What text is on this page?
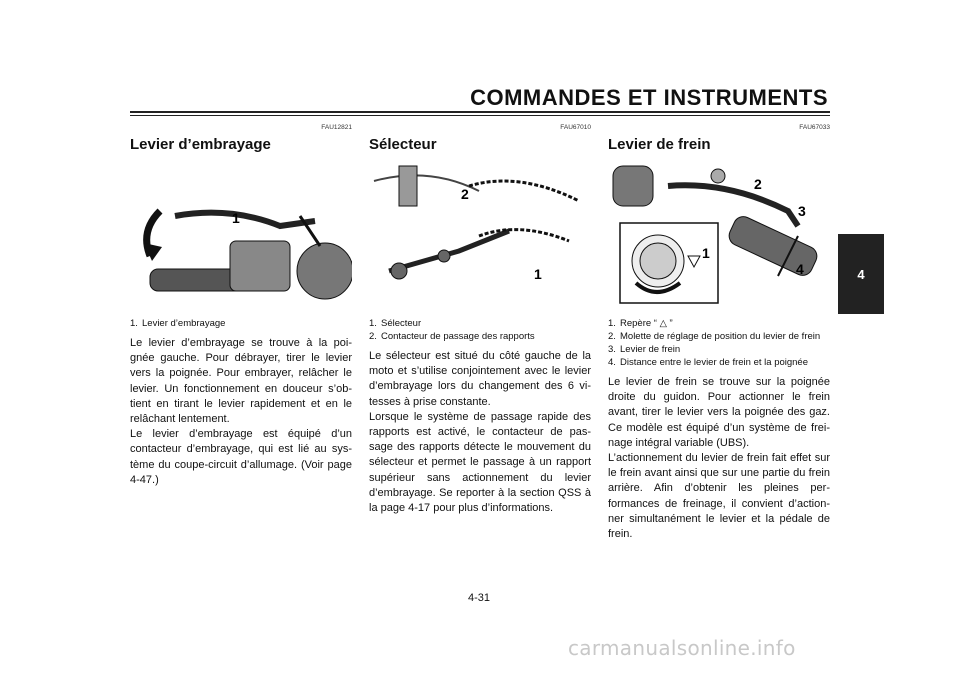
COMMANDES ET INSTRUMENTS
4
FAU12821
Levier d’embrayage
1
1. Levier d’embrayage
Le levier d’embrayage se trouve à la poi-gnée gauche. Pour débrayer, tirer le levier vers la poignée. Pour embrayer, relâcher le levier. Un fonctionnement en douceur s’ob-tient en tirant le levier rapidement et en le relâchant lentement.
Le levier d’embrayage est équipé d’un contacteur d’embrayage, qui est lié au sys-tème du coupe-circuit d’allumage. (Voir page 4-47.)
FAU67010
Sélecteur
2
1
1. Sélecteur
2. Contacteur de passage des rapports
Le sélecteur est situé du côté gauche de la moto et s’utilise conjointement avec le levier d’embrayage lors du changement des 6 vi-tesses à prise constante.
Lorsque le système de passage rapide des rapports est activé, le contacteur de pas-sage des rapports détecte le mouvement du sélecteur et permet le passage à un rapport supérieur sans actionnement du levier d’embrayage. Se reporter à la section QSS à la page 4-17 pour plus d’informations.
FAU67033
Levier de frein
2
3
1
4
1. Repère “ △ ”
2. Molette de réglage de position du levier de frein
3. Levier de frein
4. Distance entre le levier de frein et la poignée
Le levier de frein se trouve sur la poignée droite du guidon. Pour actionner le frein avant, tirer le levier vers la poignée des gaz. Ce modèle est équipé d’un système de frei-nage intégral variable (UBS).
L’actionnement du levier de frein fait effet sur le frein avant ainsi que sur une partie du frein arrière. Afin d’obtenir les pleines per-formances de freinage, il convient d’action-ner simultanément le levier et la pédale de frein.
4-31
carmanualsonline.info
